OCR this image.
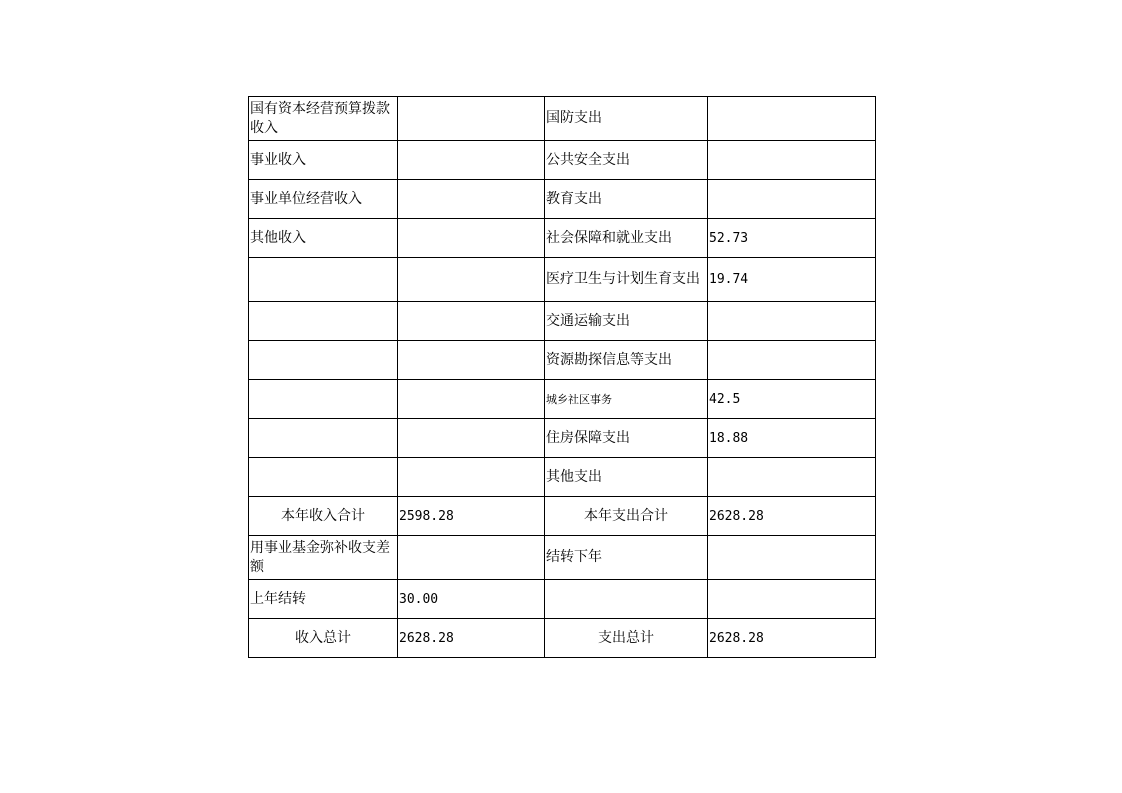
国有资本经营预算拨款收入		国防支出	
事业收入		公共安全支出	
事业单位经营收入		教育支出	
其他收入		社会保障和就业支出	52.73
		医疗卫生与计划生育支出	19.74
		交通运输支出	
		资源勘探信息等支出	
		城乡社区事务	42.5
		住房保障支出	18.88
		其他支出	
本年收入合计	2598.28	本年支出合计	2628.28
用事业基金弥补收支差额		结转下年	
上年结转	30.00		
收入总计	2628.28	支出总计	2628.28
